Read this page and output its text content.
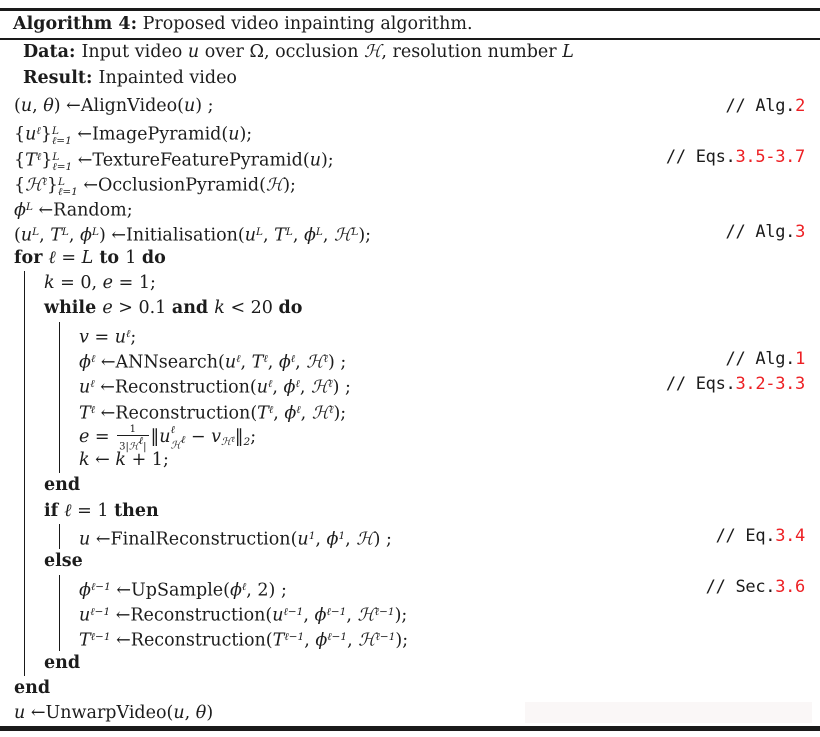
Algorithm 4: Proposed video inpainting algorithm.
Data: Input video u over Ω, occlusion ℋ, resolution number L
Result: Inpainted video
(u, θ) ←AlignVideo(u) ;	// Alg.2
$\{u^\ell\}$ L
ℓ=1 ←ImagePyramid(u);
$\{T^\ell\}$ L
ℓ=1 ←TextureFeaturePyramid(u);	// Eqs.3.5-3.7
{ℋ$^\ell$} L
ℓ=1 ←OcclusionPyramid(ℋ);
$\phi^L$ ←Random;
($u^L$, $T^L$, $\phi^L$) $\leftarrow Initialisation(u^L$, $T^L$, $\phi^L$, ℋ$^L$);	// Alg.3
for ℓ = L to 1 do
k = 0, e = 1;
while e > 0.1 and k < 20 do
$v = u^\ell$;
$\phi^\ell$ $\leftarrow ANNsearch(u^\ell$, $T^\ell$, $\phi^\ell$, ℋ$^\ell$) ;	// Alg.1
$u^\ell$ $\leftarrow Reconstruction(u^\ell$, $\phi^\ell$, ℋ$^\ell$) ;	// Eqs.3.2-3.3
$T^\ell$ $\leftarrow Reconstruction(T^\ell$, $\phi^\ell$, ℋ$^\ell$);
$e = \frac{1}{\text{3|ℋℓ|}}$ ‖u ℓ
ℋℓ − $v_{ℋ^\ell}‖_2$;
k ← k + 1;
end
if ℓ = 1 then
u $\leftarrow FinalReconstruction(u^1$, $\phi^1$, ℋ) ;	// Eq.3.4
else
$\phi^{\ell-1}$ $\leftarrow UpSample(\phi^\ell$, 2) ;	// Sec.3.6
$u^{\ell-1}$ $\leftarrow Reconstruction(u^{\ell-1}$, $\phi^{\ell-1}$, ℋ$^{\ell-1}$);
$T^{\ell-1}$ $\leftarrow Reconstruction(T^{\ell-1}$, $\phi^{\ell-1}$, ℋ$^{\ell-1}$);
end
end
u ←UnwarpVideo(u, θ)
